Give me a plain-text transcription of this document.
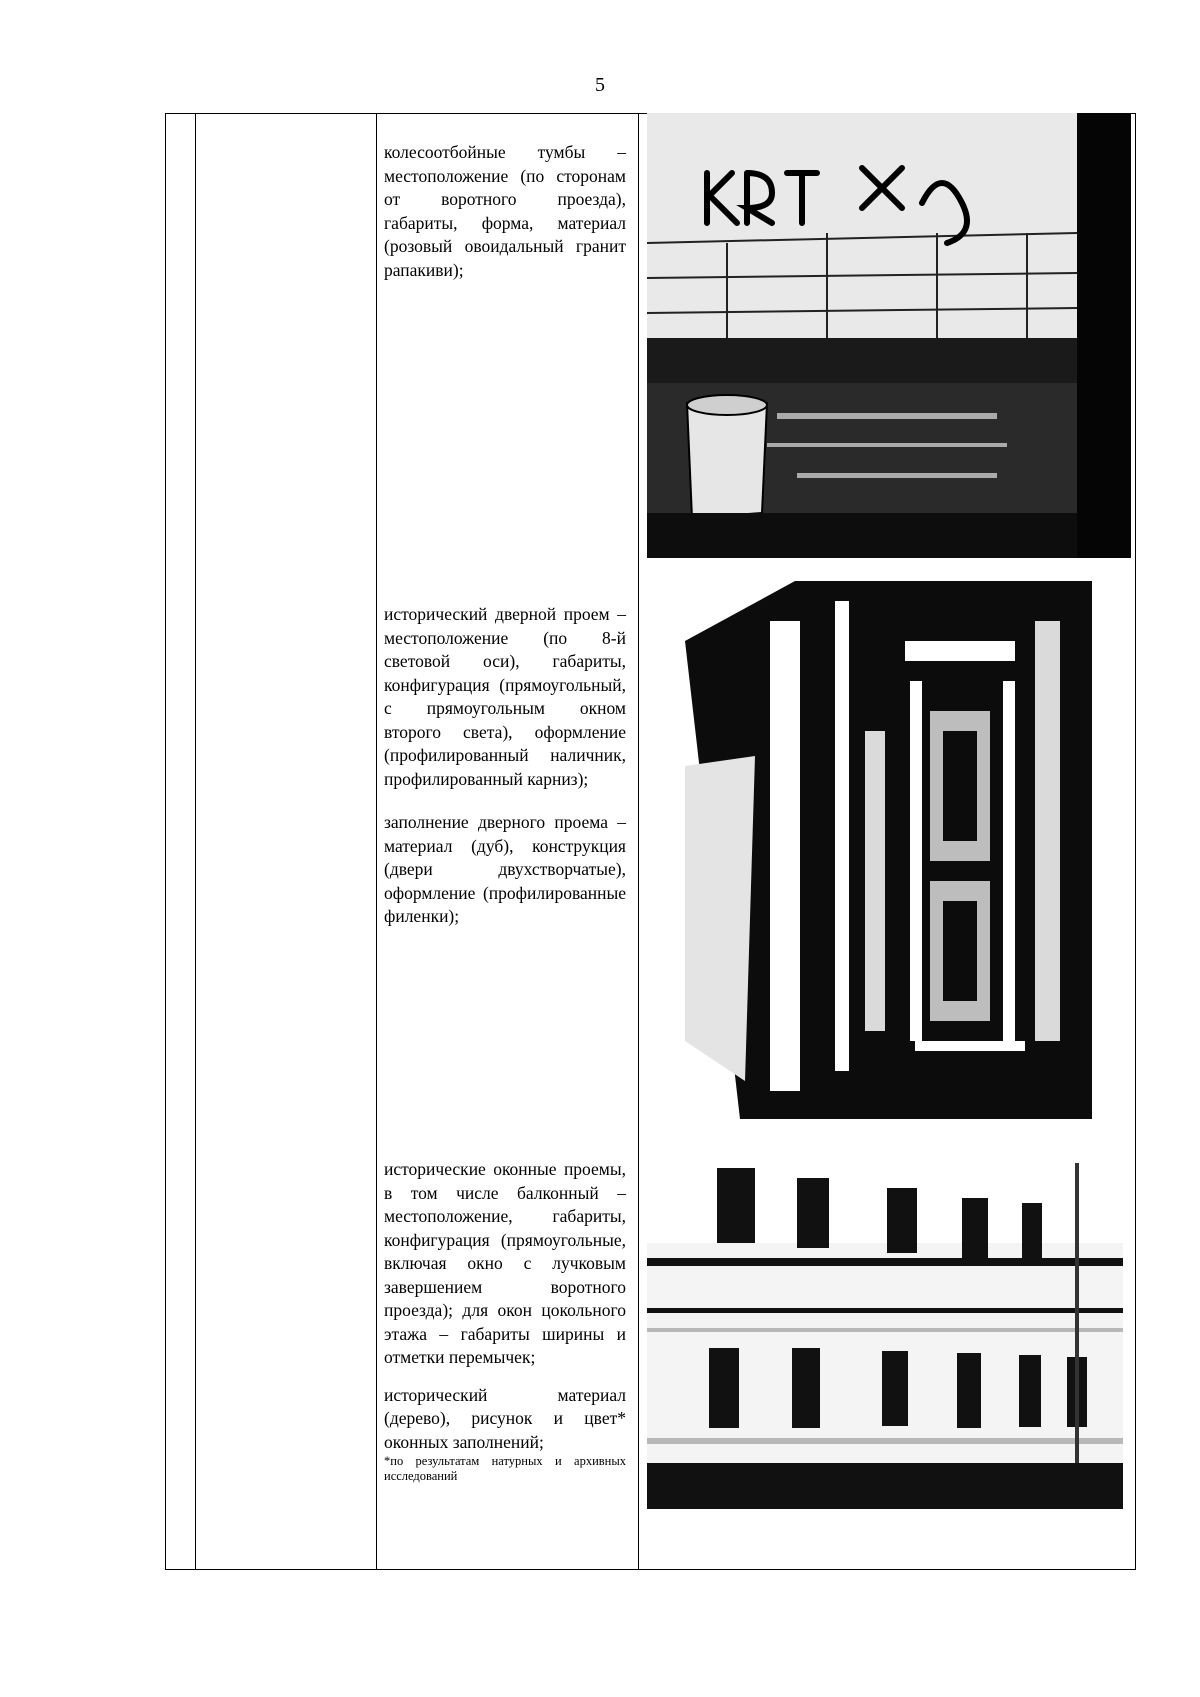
5

колесоотбойные тумбы – местоположение (по сторонам от воротного проезда), габариты, форма, материал (розовый овоидальный гранит рапакиви);

исторический дверной проем – местоположение (по 8-й световой оси), габариты, конфигурация (прямоугольный, с прямоугольным окном второго света), оформление (профилированный наличник, профилированный карниз);

заполнение дверного проема – материал (дуб), конструкция (двери двухстворчатые), оформление (профилированные филенки);

исторические оконные проемы, в том числе балконный – местоположение, габариты, конфигурация (прямоугольные, включая окно с лучковым завершением воротного проезда); для окон цокольного этажа – габариты ширины и отметки перемычек;

исторический материал (дерево), рисунок и цвет* оконных заполнений;

*по результатам натурных и архивных исследований
